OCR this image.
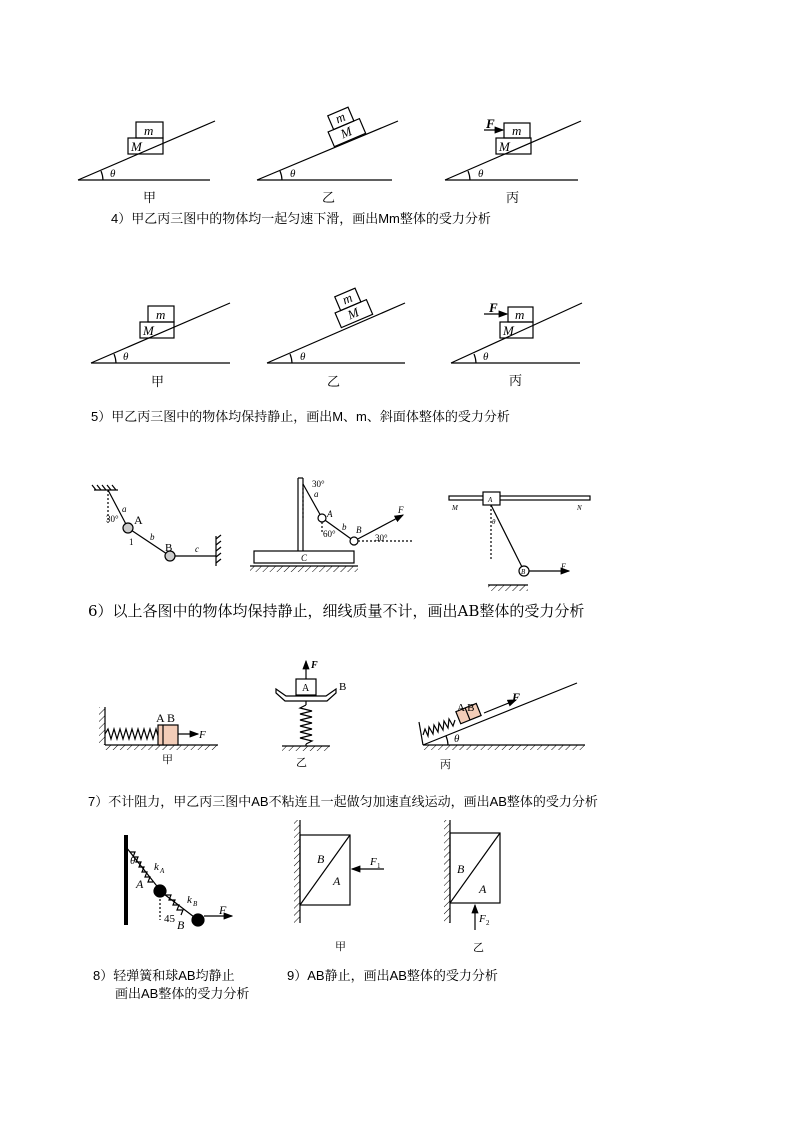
4）甲乙丙三图中的物体均一起匀速下滑，画出Mm整体的受力分析
5）甲乙丙三图中的物体均保持静止，画出M、m、斜面体整体的受力分析
6）以上各图中的物体均保持静止，细线质量不计，画出AB整体的受力分析
7）不计阻力，甲乙丙三图中AB不粘连且一起做匀加速直线运动，画出AB整体的受力分析
8）轻弹簧和球AB均静止
画出AB整体的受力分析
9）AB静止，画出AB整体的受力分析
m
M
θ
甲
m
M
θ
乙
m
M
F
θ
丙
m
M
θ
甲
m
M
θ
乙
m
M
F
θ
丙
a
30°
1 b
c
30°
a
A
b
60° B
30°
F
C
A
M	N
θ
B
F
A
B
A B
F
甲
A
F
B
乙
A B
F
θ
丙
θ k A
A
k B
45 B
F
B
A
F 1
甲
B
A
F 2
乙
